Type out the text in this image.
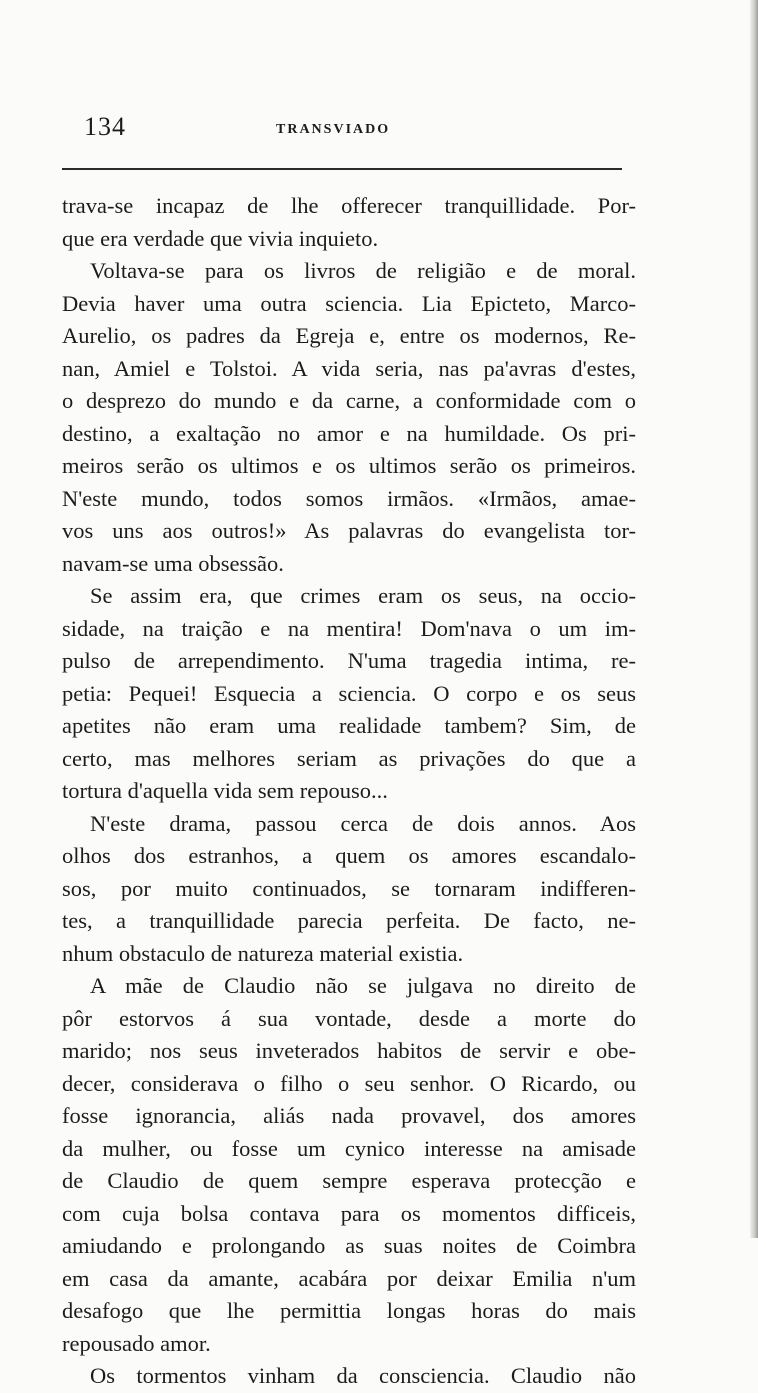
134	TRANSVIADO
trava-se incapaz de lhe offerecer tranquillidade. Por-
que era verdade que vivia inquieto.
Voltava-se para os livros de religião e de moral.
Devia haver uma outra sciencia. Lia Epicteto, Marco-
Aurelio, os padres da Egreja e, entre os modernos, Re-
nan, Amiel e Tolstoi. A vida seria, nas pa'avras d'estes,
o desprezo do mundo e da carne, a conformidade com o
destino, a exaltação no amor e na humildade. Os pri-
meiros serão os ultimos e os ultimos serão os primeiros.
N'este mundo, todos somos irmãos. «Irmãos, amae-
vos uns aos outros!» As palavras do evangelista tor-
navam-se uma obsessão.
Se assim era, que crimes eram os seus, na occio-
sidade, na traição e na mentira! Dom'nava o um im-
pulso de arrependimento. N'uma tragedia intima, re-
petia: Pequei! Esquecia a sciencia. O corpo e os seus
apetites não eram uma realidade tambem? Sim, de
certo, mas melhores seriam as privações do que a
tortura d'aquella vida sem repouso...
N'este drama, passou cerca de dois annos. Aos
olhos dos estranhos, a quem os amores escandalo-
sos, por muito continuados, se tornaram indifferen-
tes, a tranquillidade parecia perfeita. De facto, ne-
nhum obstaculo de natureza material existia.
A mãe de Claudio não se julgava no direito de
pôr estorvos á sua vontade, desde a morte do
marido; nos seus inveterados habitos de servir e obe-
decer, considerava o filho o seu senhor. O Ricardo, ou
fosse ignorancia, aliás nada provavel, dos amores
da mulher, ou fosse um cynico interesse na amisade
de Claudio de quem sempre esperava protecção e
com cuja bolsa contava para os momentos difficeis,
amiudando e prolongando as suas noites de Coimbra
em casa da amante, acabára por deixar Emilia n'um
desafogo que lhe permittia longas horas do mais
repousado amor.
Os tormentos vinham da consciencia. Claudio não
